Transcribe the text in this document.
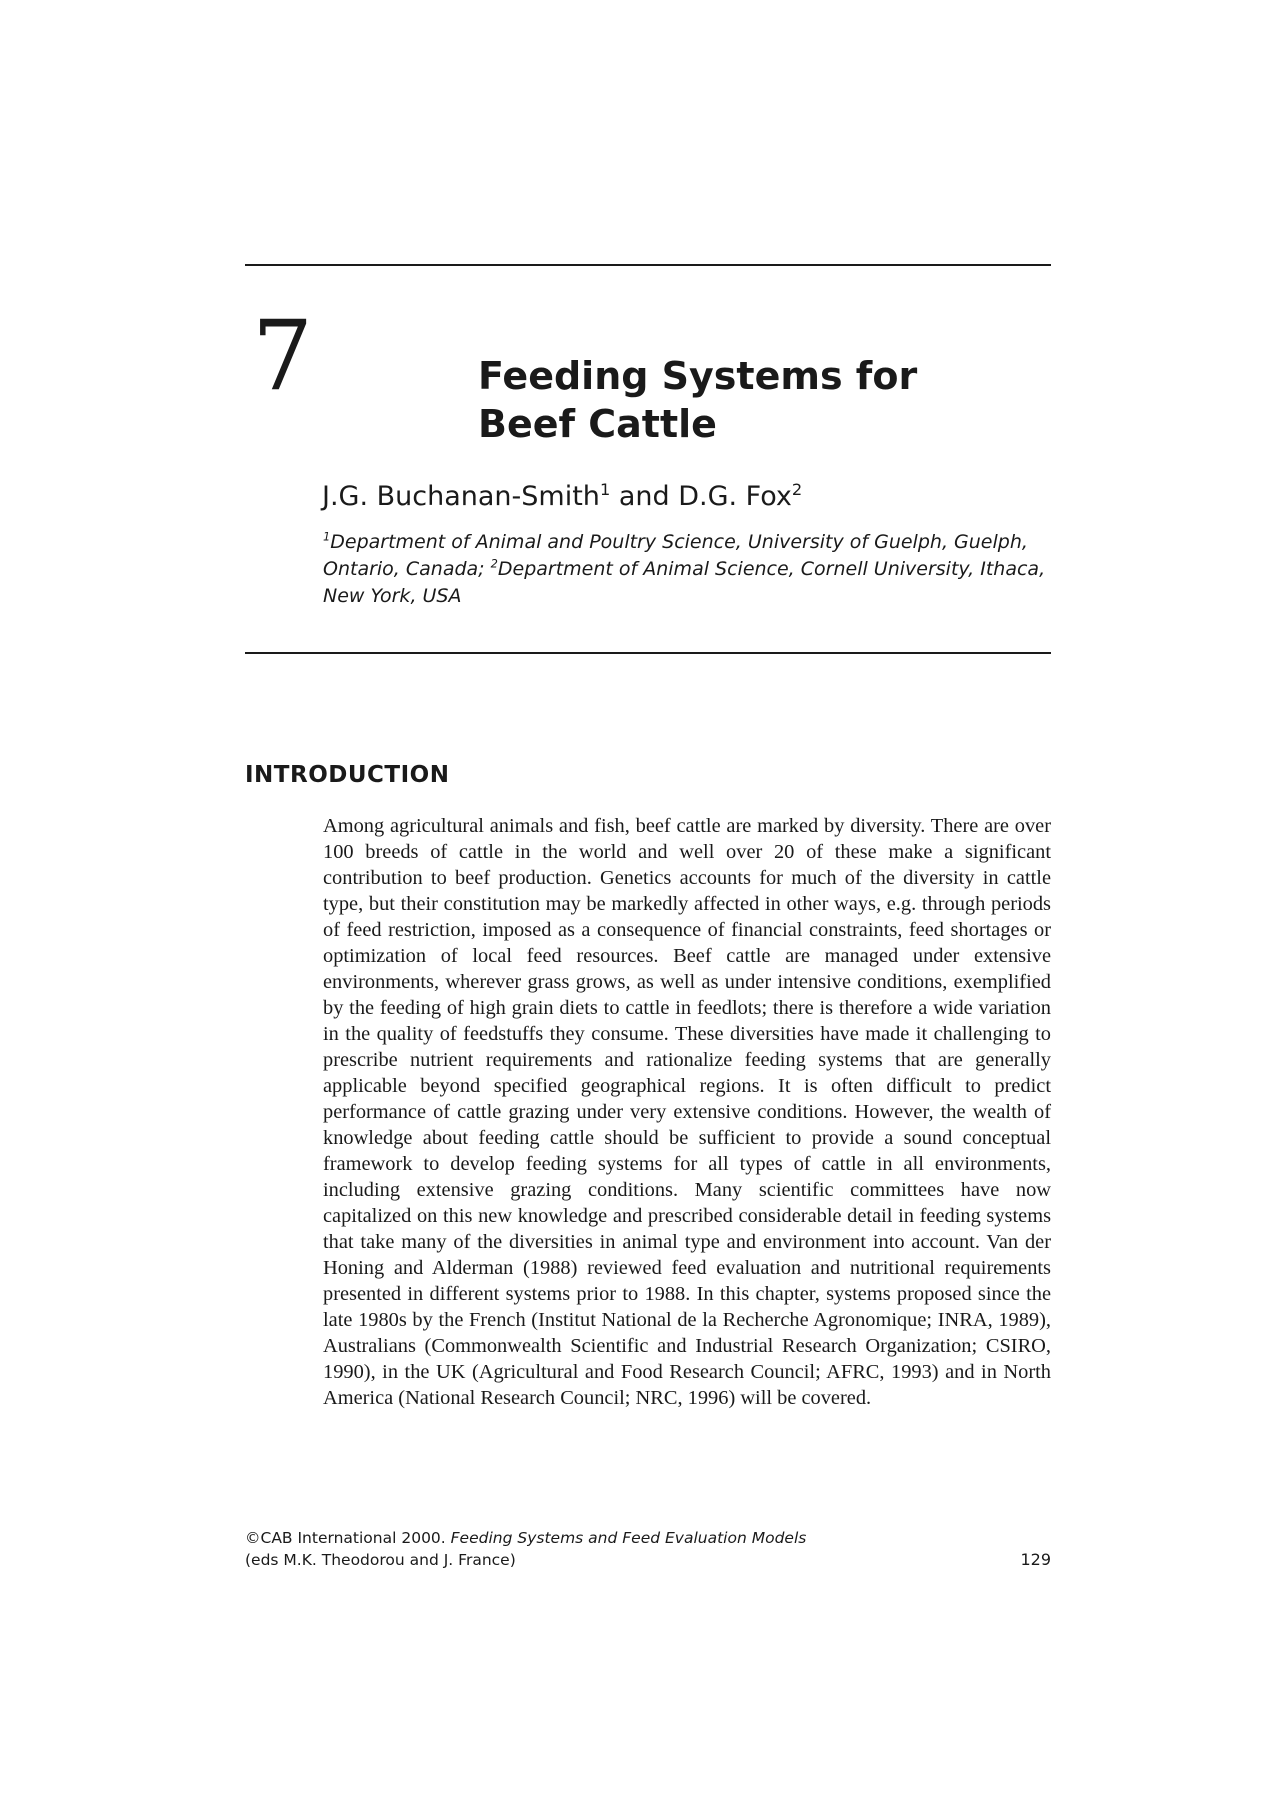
7	Feeding Systems for Beef Cattle
J.G. Buchanan-Smith$^1$ and D.G. Fox$^2$
$^1$Department of Animal and Poultry Science, University of Guelph, Guelph, Ontario, Canada; $^2$Department of Animal Science, Cornell University, Ithaca, New York, USA
INTRODUCTION

Among agricultural animals and fish, beef cattle are marked by diversity. There are over 100 breeds of cattle in the world and well over 20 of these make a significant contribution to beef production. Genetics accounts for much of the diversity in cattle type, but their constitution may be markedly affected in other ways, e.g. through periods of feed restriction, imposed as a consequence of financial constraints, feed shortages or optimization of local feed resources. Beef cattle are managed under extensive environments, wherever grass grows, as well as under intensive conditions, exemplified by the feeding of high grain diets to cattle in feedlots; there is therefore a wide variation in the quality of feedstuffs they consume. These diversities have made it challenging to prescribe nutrient requirements and rationalize feeding systems that are generally applicable beyond specified geographical regions. It is often difficult to predict performance of cattle grazing under very extensive conditions. However, the wealth of knowledge about feeding cattle should be sufficient to provide a sound conceptual framework to develop feeding systems for all types of cattle in all environments, including extensive grazing conditions. Many scientific committees have now capitalized on this new knowledge and prescribed considerable detail in feeding systems that take many of the diversities in animal type and environment into account. Van der Honing and Alderman (1988) reviewed feed evaluation and nutritional requirements presented in different systems prior to 1988. In this chapter, systems proposed since the late 1980s by the French (Institut National de la Recherche Agronomique; INRA, 1989), Australians (Commonwealth Scientific and Industrial Research Organization; CSIRO, 1990), in the UK (Agricultural and Food Research Council; AFRC, 1993) and in North America (National Research Council; NRC, 1996) will be covered.

©CAB International 2000. Feeding Systems and Feed Evaluation Models
(eds M.K. Theodorou and J. France)	129
